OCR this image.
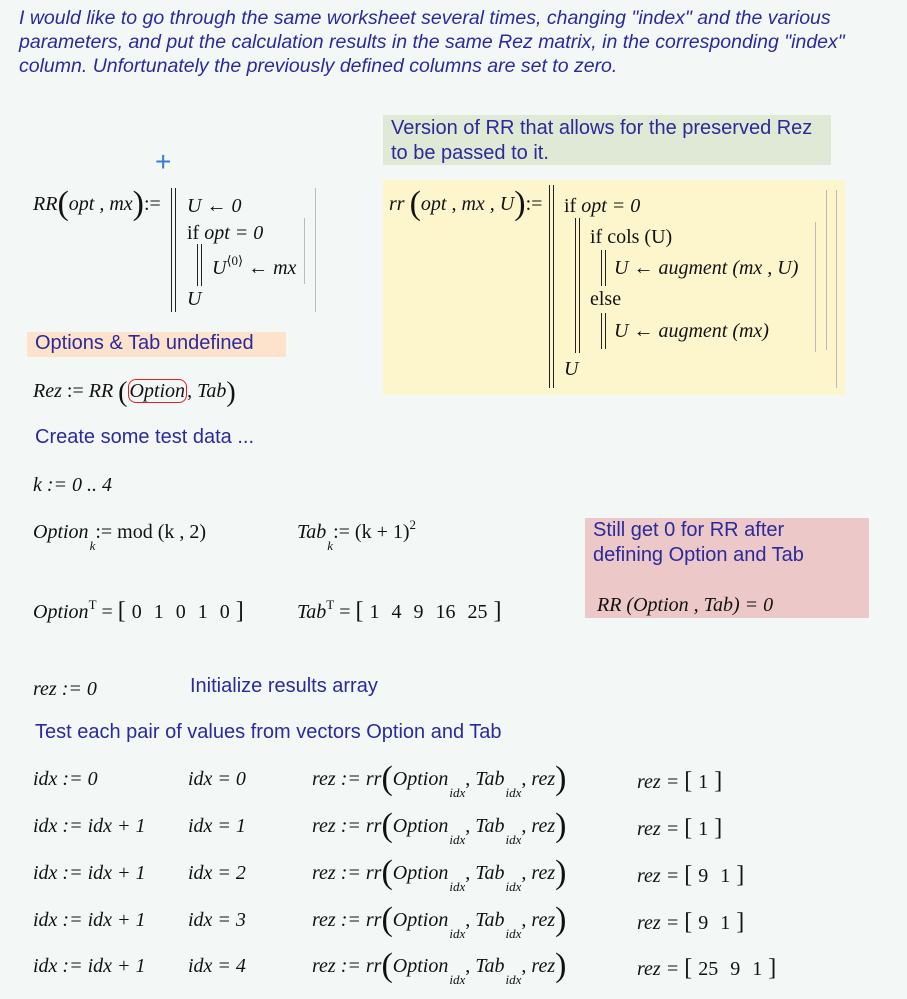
I would like to go through the same worksheet several times, changing "index" and the various parameters, and put the calculation results in the same Rez matrix, in the corresponding "index" column. Unfortunately the previously defined columns are set to zero.
Version of RR that allows for the preserved Rez to be passed to it.
+
RR(opt , mx):= U ← 0
if opt = 0
$U^{⟨0⟩}$ ← mx
U
rr (opt , mx , U):= if opt = 0
if cols (U)
U ← augment (mx , U)
else
U ← augment (mx)
U
Options & Tab undefined
Rez := RR ( Option , Tab)
Create some test data ...
k := 0 .. 4
Option$_k$:= mod (k , 2)	Tab$_k$:= $(k + 1)^2$	Still get 0 for RR after
defining Option and Tab
RR (Option , Tab) = 0
Option$^T$ = [ 0 1 0 1 0 ]	Tab$^T$ = [ 1 4 9 16 25 ]
rez := 0	Initialize results array
Test each pair of values from vectors Option and Tab
idx := 0	idx = 0	rez := rr(Option$_{idx}$, Tab$_{idx}$, rez)	rez = [ 1 ]
idx := idx + 1 idx = 1	rez := rr(Option$_{idx}$, Tab$_{idx}$, rez)	rez = [ 1 ]
idx := idx + 1 idx = 2	rez := rr(Option$_{idx}$, Tab$_{idx}$, rez)	rez = [ 9 1 ]
idx := idx + 1 idx = 3	rez := rr(Option$_{idx}$, Tab$_{idx}$, rez)	rez = [ 9 1 ]
idx := idx + 1 idx = 4	rez := rr(Option$_{idx}$, Tab$_{idx}$, rez)	rez = [ 25 9 1 ]
